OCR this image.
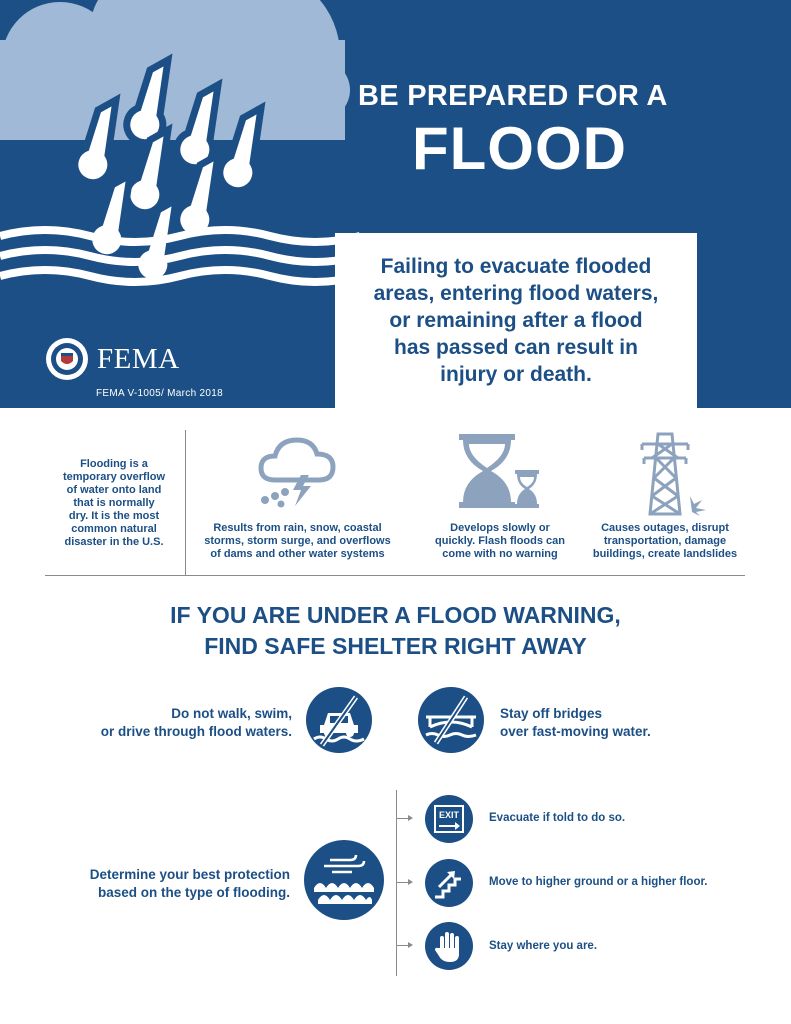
BE PREPARED FOR A
FLOOD
Failing to evacuate flooded
areas, entering flood waters,
or remaining after a flood
has passed can result in
injury or death.
FEMA
FEMA V-1005/ March 2018
Flooding is a
temporary overflow
of water onto land
that is normally
dry. It is the most
common natural
disaster in the U.S.
Results from rain, snow, coastal
storms, storm surge, and overflows
of dams and other water systems
Develops slowly or
quickly. Flash floods can
come with no warning
Causes outages, disrupt
transportation, damage
buildings, create landslides
IF YOU ARE UNDER A FLOOD WARNING,
FIND SAFE SHELTER RIGHT AWAY
Do not walk, swim,
or drive through flood waters.
Stay off bridges
over fast-moving water.
Determine your best protection
based on the type of flooding.
EXIT	Evacuate if told to do so.
Move to higher ground or a higher floor.
Stay where you are.
